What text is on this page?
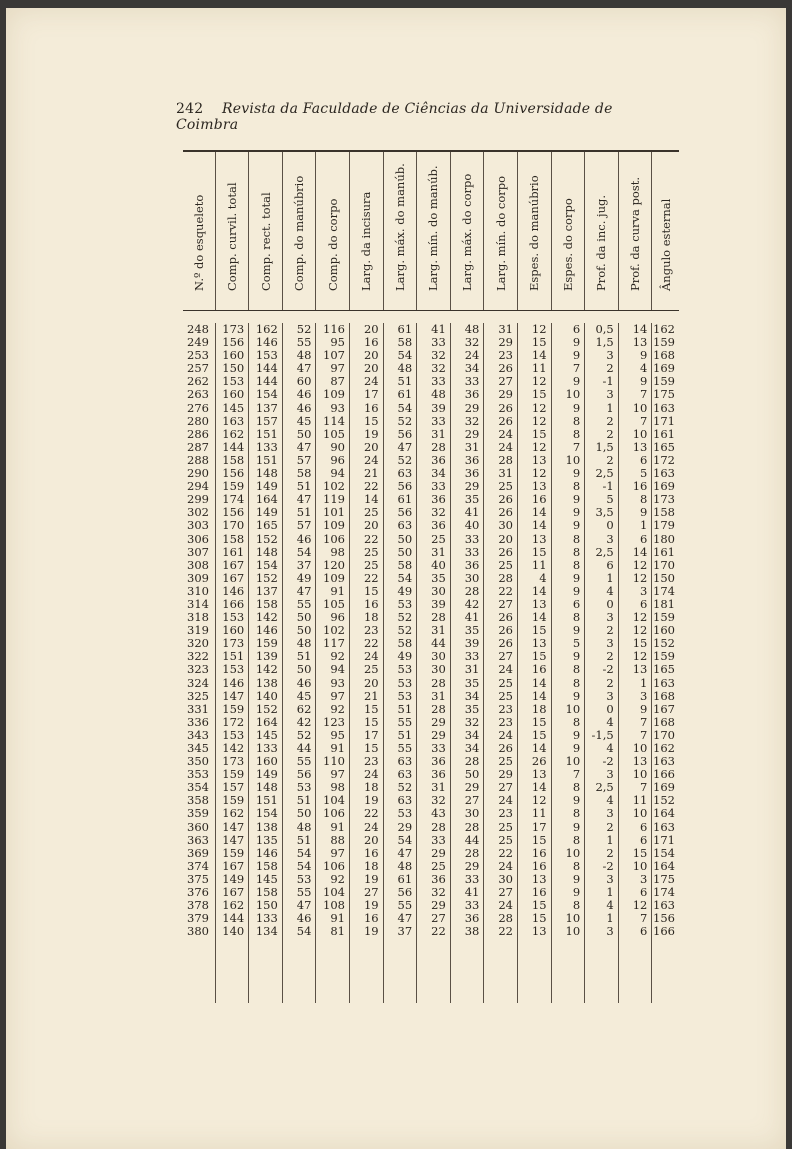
242 Revista da Faculdade de Ciências da Universidade de Coimbra
N.º do esqueleto Comp. curvil. total Comp. rect. total Comp. do manúbrio Comp. do corpo Larg. da incisura Larg. máx. do manúb. Larg. mín. do manúb. Larg. máx. do corpo Larg. mín. do corpo Espes. do manúbrio Espes. do corpo Prof. da inc. jug. Prof. da curva post. Ângulo esternal
248
249
253
257
262
263
276
280
286
287
288
290
294
299
302
303
306
307
308
309
310
314
318
319
320
322
323
324
325
331
336
343
345
350
353
354
358
359
360
363
369
374
375
376
378
379
380
173
156
160
150
153
160
145
163
162
144
158
156
159
174
156
170
158
161
167
167
146
166
153
160
173
151
153
146
147
159
172
153
142
173
159
157
159
162
147
147
159
167
149
167
162
144
140
162
146
153
144
144
154
137
157
151
133
151
148
149
164
149
165
152
148
154
152
137
158
142
146
159
139
142
138
140
152
164
145
133
160
149
148
151
154
138
135
146
158
145
158
150
133
134
52
55
48
47
60
46
46
45
50
47
57
58
51
47
51
57
46
54
37
49
47
55
50
50
48
51
50
46
45
62
42
52
44
55
56
53
51
50
48
51
54
54
53
55
47
46
54
116
95
107
97
87
109
93
114
105
90
96
94
102
119
101
109
106
98
120
109
91
105
96
102
117
92
94
93
97
92
123
95
91
110
97
98
104
106
91
88
97
106
92
104
108
91
81
20
16
20
20
24
17
16
15
19
20
24
21
22
14
25
20
22
25
25
22
15
16
18
23
22
24
25
20
21
15
15
17
15
23
24
18
19
22
24
20
16
18
19
27
19
16
19
61
58
54
48
51
61
54
52
56
47
52
63
56
61
56
63
50
50
58
54
49
53
52
52
58
49
53
53
53
51
55
51
55
63
63
52
63
53
29
54
47
48
61
56
55
47
37
41
33
32
32
33
48
39
33
31
28
36
34
33
36
32
36
25
31
40
35
30
39
28
31
44
30
30
28
31
28
29
29
33
36
36
31
32
43
28
33
29
25
36
32
29
27
22
48
32
24
34
33
36
29
32
29
31
36
36
29
35
41
40
33
33
36
30
28
42
41
35
39
33
31
35
34
35
32
34
34
28
50
29
27
30
28
44
28
29
33
41
33
36
38
31
29
23
26
27
29
26
26
24
24
28
31
25
26
26
30
20
26
25
28
22
27
26
26
26
27
24
25
25
23
23
24
26
25
29
27
24
23
25
25
22
24
30
27
24
28
22
12
15
14
11
12
15
12
12
15
12
13
12
13
16
14
14
13
15
11
4
14
13
14
15
13
15
16
14
14
18
15
15
14
26
13
14
12
11
17
15
16
16
13
16
15
15
13
6
9
9
7
9
10
9
8
8
7
10
9
8
9
9
9
8
8
8
9
9
6
8
9
5
9
8
8
9
10
8
9
9
10
7
8
9
8
9
8
10
8
9
9
8
10
10
0,5
1,5
3
2
-1
3
1
2
2
1,5
2
2,5
-1
5
3,5
0
3
2,5
6
1
4
0
3
2
3
2
-2
2
3
0
4
-1,5
4
-2
3
2,5
4
3
2
1
2
-2
3
1
4
1
3
14
13
9
4
9
7
10
7
10
13
6
5
16
8
9
1
6
14
12
12
3
6
12
12
15
12
13
1
3
9
7
7
10
13
10
7
11
10
6
6
15
10
3
6
12
7
6
162
159
168
169
159
175
163
171
161
165
172
163
169
173
158
179
180
161
170
150
174
181
159
160
152
159
165
163
168
167
168
170
162
163
166
169
152
164
163
171
154
164
175
174
163
156
166
